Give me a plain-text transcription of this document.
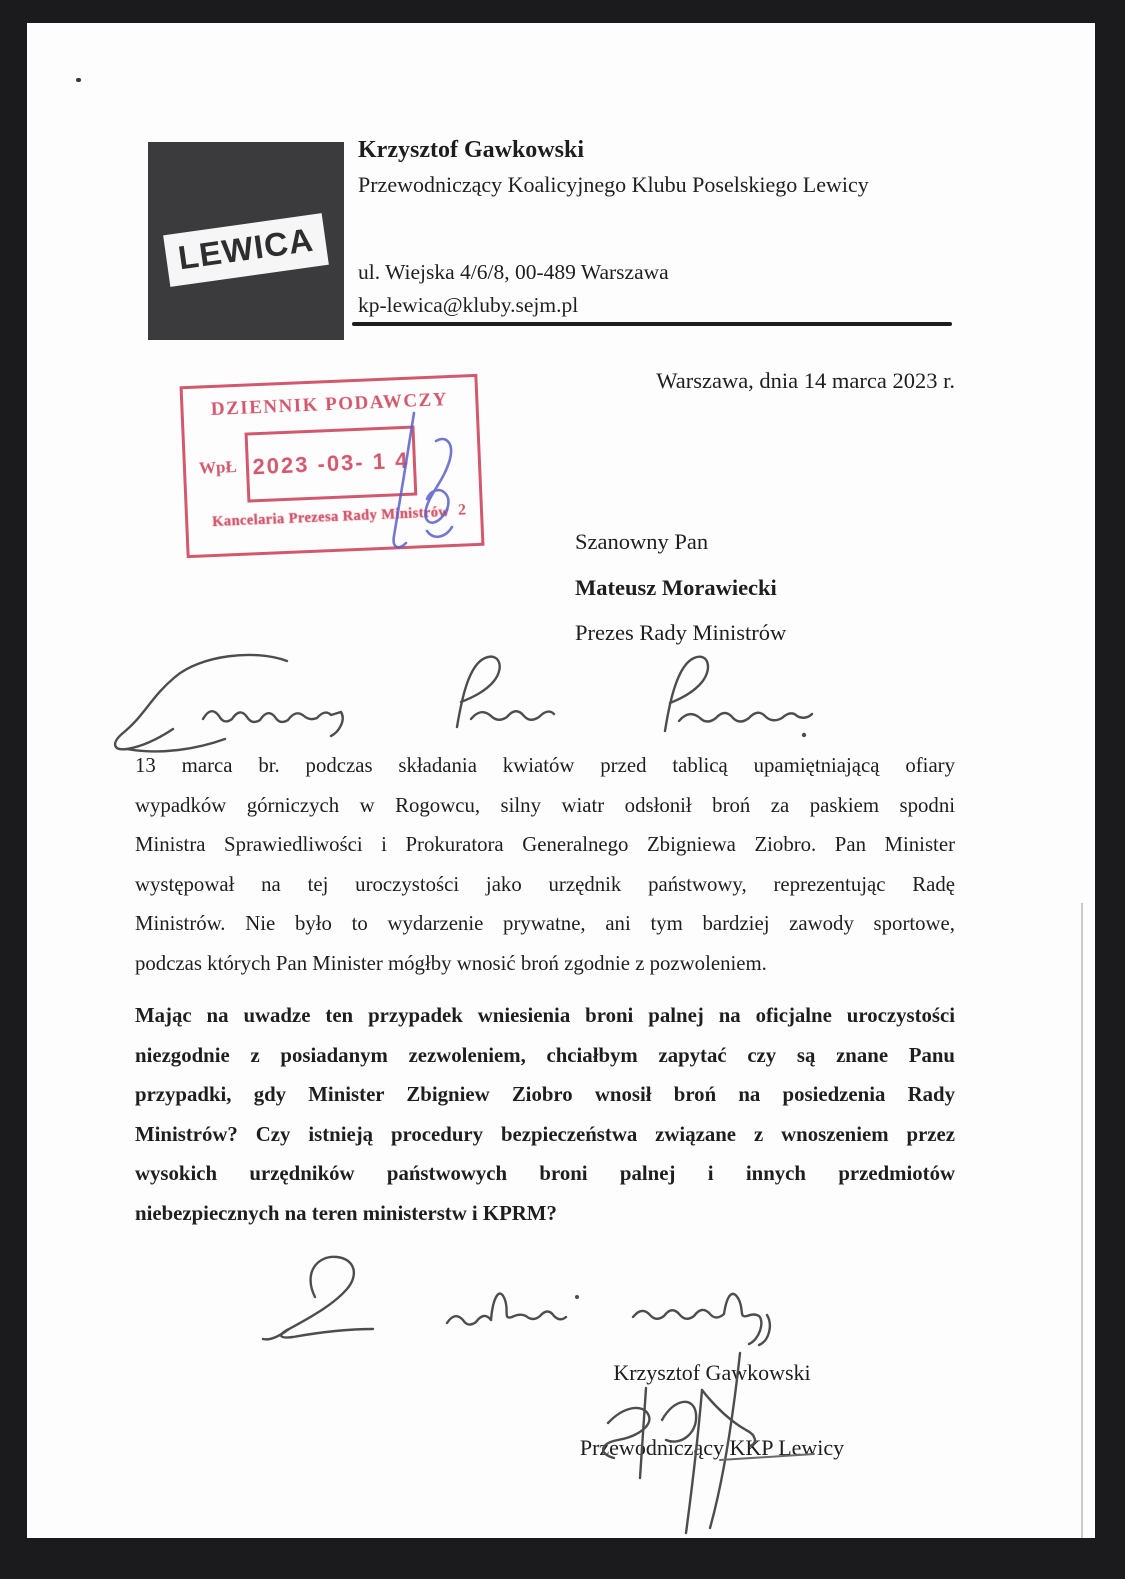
LEWICA
Krzysztof Gawkowski
Przewodniczący Koalicyjnego Klubu Poselskiego Lewicy
ul. Wiejska 4/6/8, 00-489 Warszawa
kp-lewica@kluby.sejm.pl
Warszawa, dnia 14 marca 2023 r.
DZIENNIK PODAWCZY
WpŁ 2023 -03- 1 4
Kancelaria Prezesa Rady Ministrów 2
Szanowny Pan
Mateusz Morawiecki
Prezes Rady Ministrów
13 marca br. podczas składania kwiatów przed tablicą upamiętniającą ofiary
wypadków górniczych w Rogowcu, silny wiatr odsłonił broń za paskiem spodni
Ministra Sprawiedliwości i Prokuratora Generalnego Zbigniewa Ziobro. Pan Minister
występował na tej uroczystości jako urzędnik państwowy, reprezentując Radę
Ministrów. Nie było to wydarzenie prywatne, ani tym bardziej zawody sportowe,
podczas których Pan Minister mógłby wnosić broń zgodnie z pozwoleniem.
Mając na uwadze ten przypadek wniesienia broni palnej na oficjalne uroczystości
niezgodnie z posiadanym zezwoleniem, chciałbym zapytać czy są znane Panu
przypadki, gdy Minister Zbigniew Ziobro wnosił broń na posiedzenia Rady
Ministrów? Czy istnieją procedury bezpieczeństwa związane z wnoszeniem przez
wysokich urzędników państwowych broni palnej i innych przedmiotów
niebezpiecznych na teren ministerstw i KPRM?
Krzysztof Gawkowski
Przewodniczący KKP Lewicy
